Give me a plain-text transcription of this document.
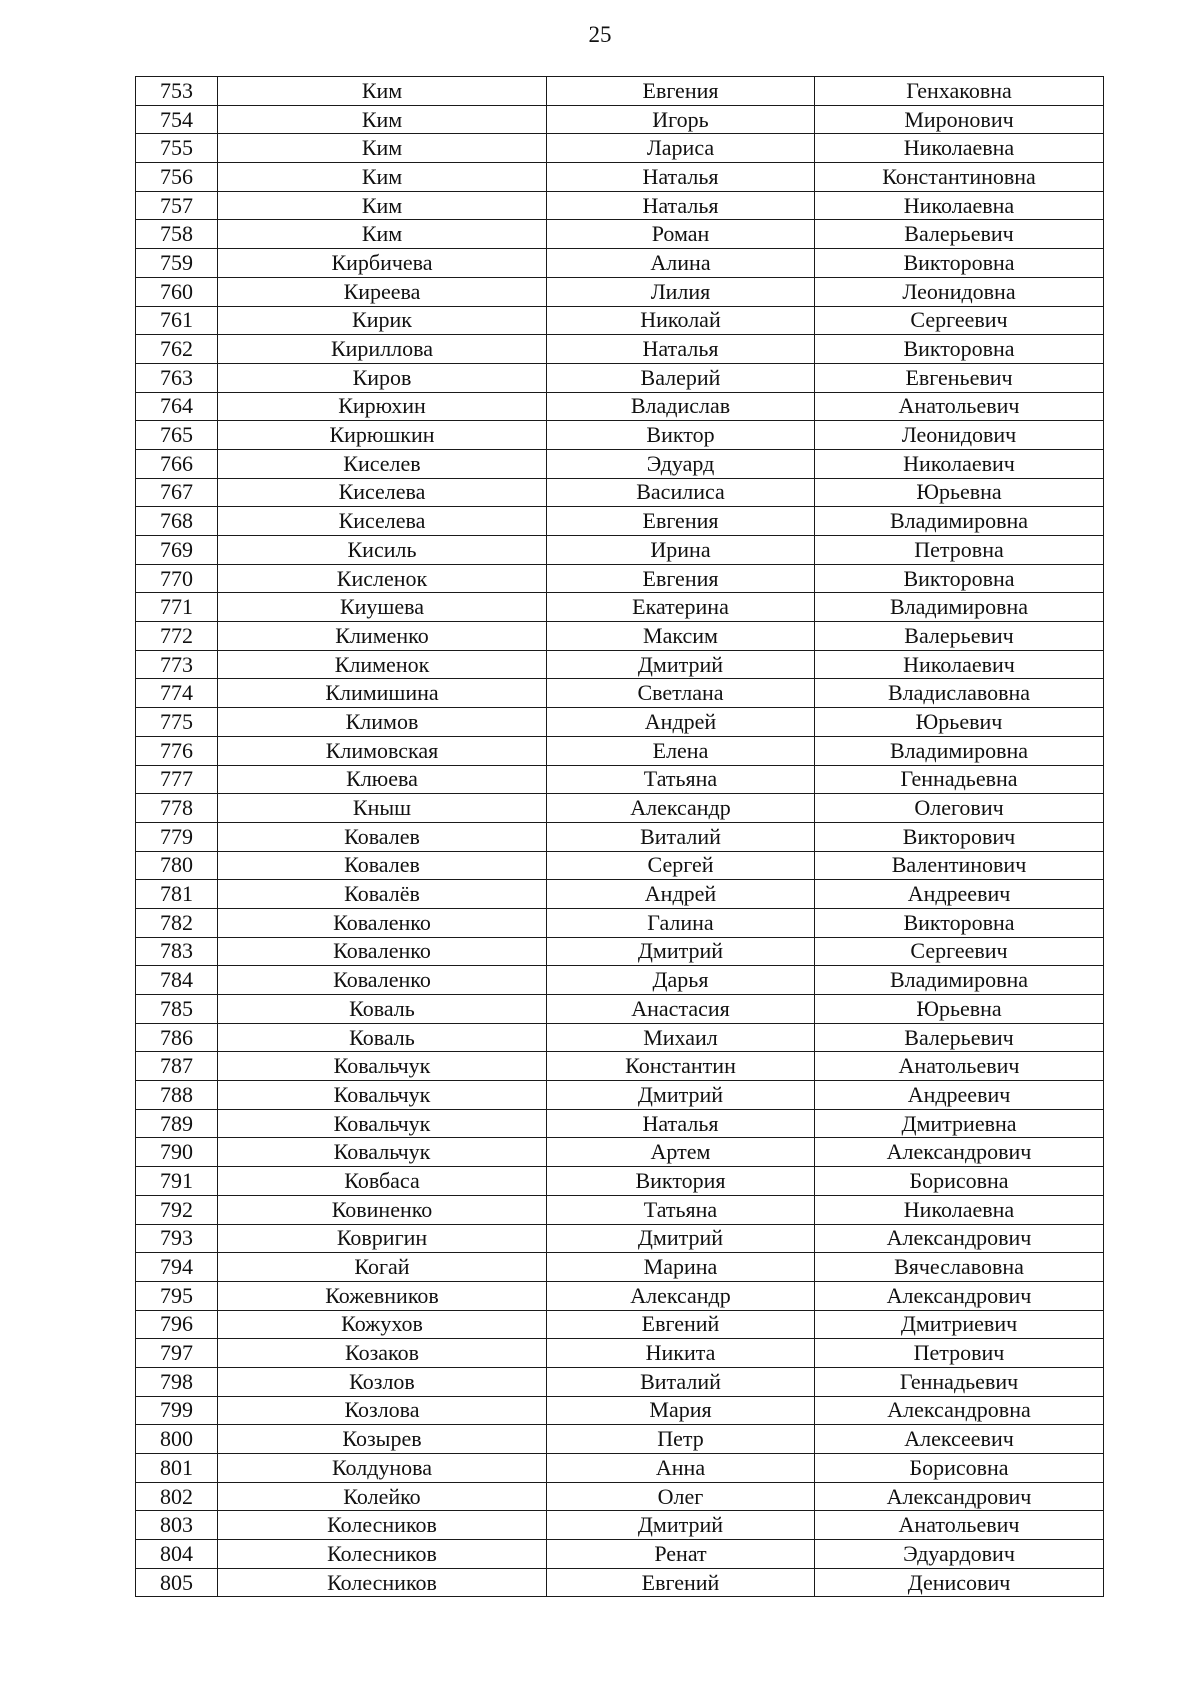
25
753	Ким	Евгения	Генхаковна
754	Ким	Игорь	Миронович
755	Ким	Лариса	Николаевна
756	Ким	Наталья	Константиновна
757	Ким	Наталья	Николаевна
758	Ким	Роман	Валерьевич
759	Кирбичева	Алина	Викторовна
760	Киреева	Лилия	Леонидовна
761	Кирик	Николай	Сергеевич
762	Кириллова	Наталья	Викторовна
763	Киров	Валерий	Евгеньевич
764	Кирюхин	Владислав	Анатольевич
765	Кирюшкин	Виктор	Леонидович
766	Киселев	Эдуард	Николаевич
767	Киселева	Василиса	Юрьевна
768	Киселева	Евгения	Владимировна
769	Кисиль	Ирина	Петровна
770	Кисленок	Евгения	Викторовна
771	Киушева	Екатерина	Владимировна
772	Клименко	Максим	Валерьевич
773	Клименок	Дмитрий	Николаевич
774	Климишина	Светлана	Владиславовна
775	Климов	Андрей	Юрьевич
776	Климовская	Елена	Владимировна
777	Клюева	Татьяна	Геннадьевна
778	Кныш	Александр	Олегович
779	Ковалев	Виталий	Викторович
780	Ковалев	Сергей	Валентинович
781	Ковалёв	Андрей	Андреевич
782	Коваленко	Галина	Викторовна
783	Коваленко	Дмитрий	Сергеевич
784	Коваленко	Дарья	Владимировна
785	Коваль	Анастасия	Юрьевна
786	Коваль	Михаил	Валерьевич
787	Ковальчук	Константин	Анатольевич
788	Ковальчук	Дмитрий	Андреевич
789	Ковальчук	Наталья	Дмитриевна
790	Ковальчук	Артем	Александрович
791	Ковбаса	Виктория	Борисовна
792	Ковиненко	Татьяна	Николаевна
793	Ковригин	Дмитрий	Александрович
794	Когай	Марина	Вячеславовна
795	Кожевников	Александр	Александрович
796	Кожухов	Евгений	Дмитриевич
797	Козаков	Никита	Петрович
798	Козлов	Виталий	Геннадьевич
799	Козлова	Мария	Александровна
800	Козырев	Петр	Алексеевич
801	Колдунова	Анна	Борисовна
802	Колейко	Олег	Александрович
803	Колесников	Дмитрий	Анатольевич
804	Колесников	Ренат	Эдуардович
805	Колесников	Евгений	Денисович
